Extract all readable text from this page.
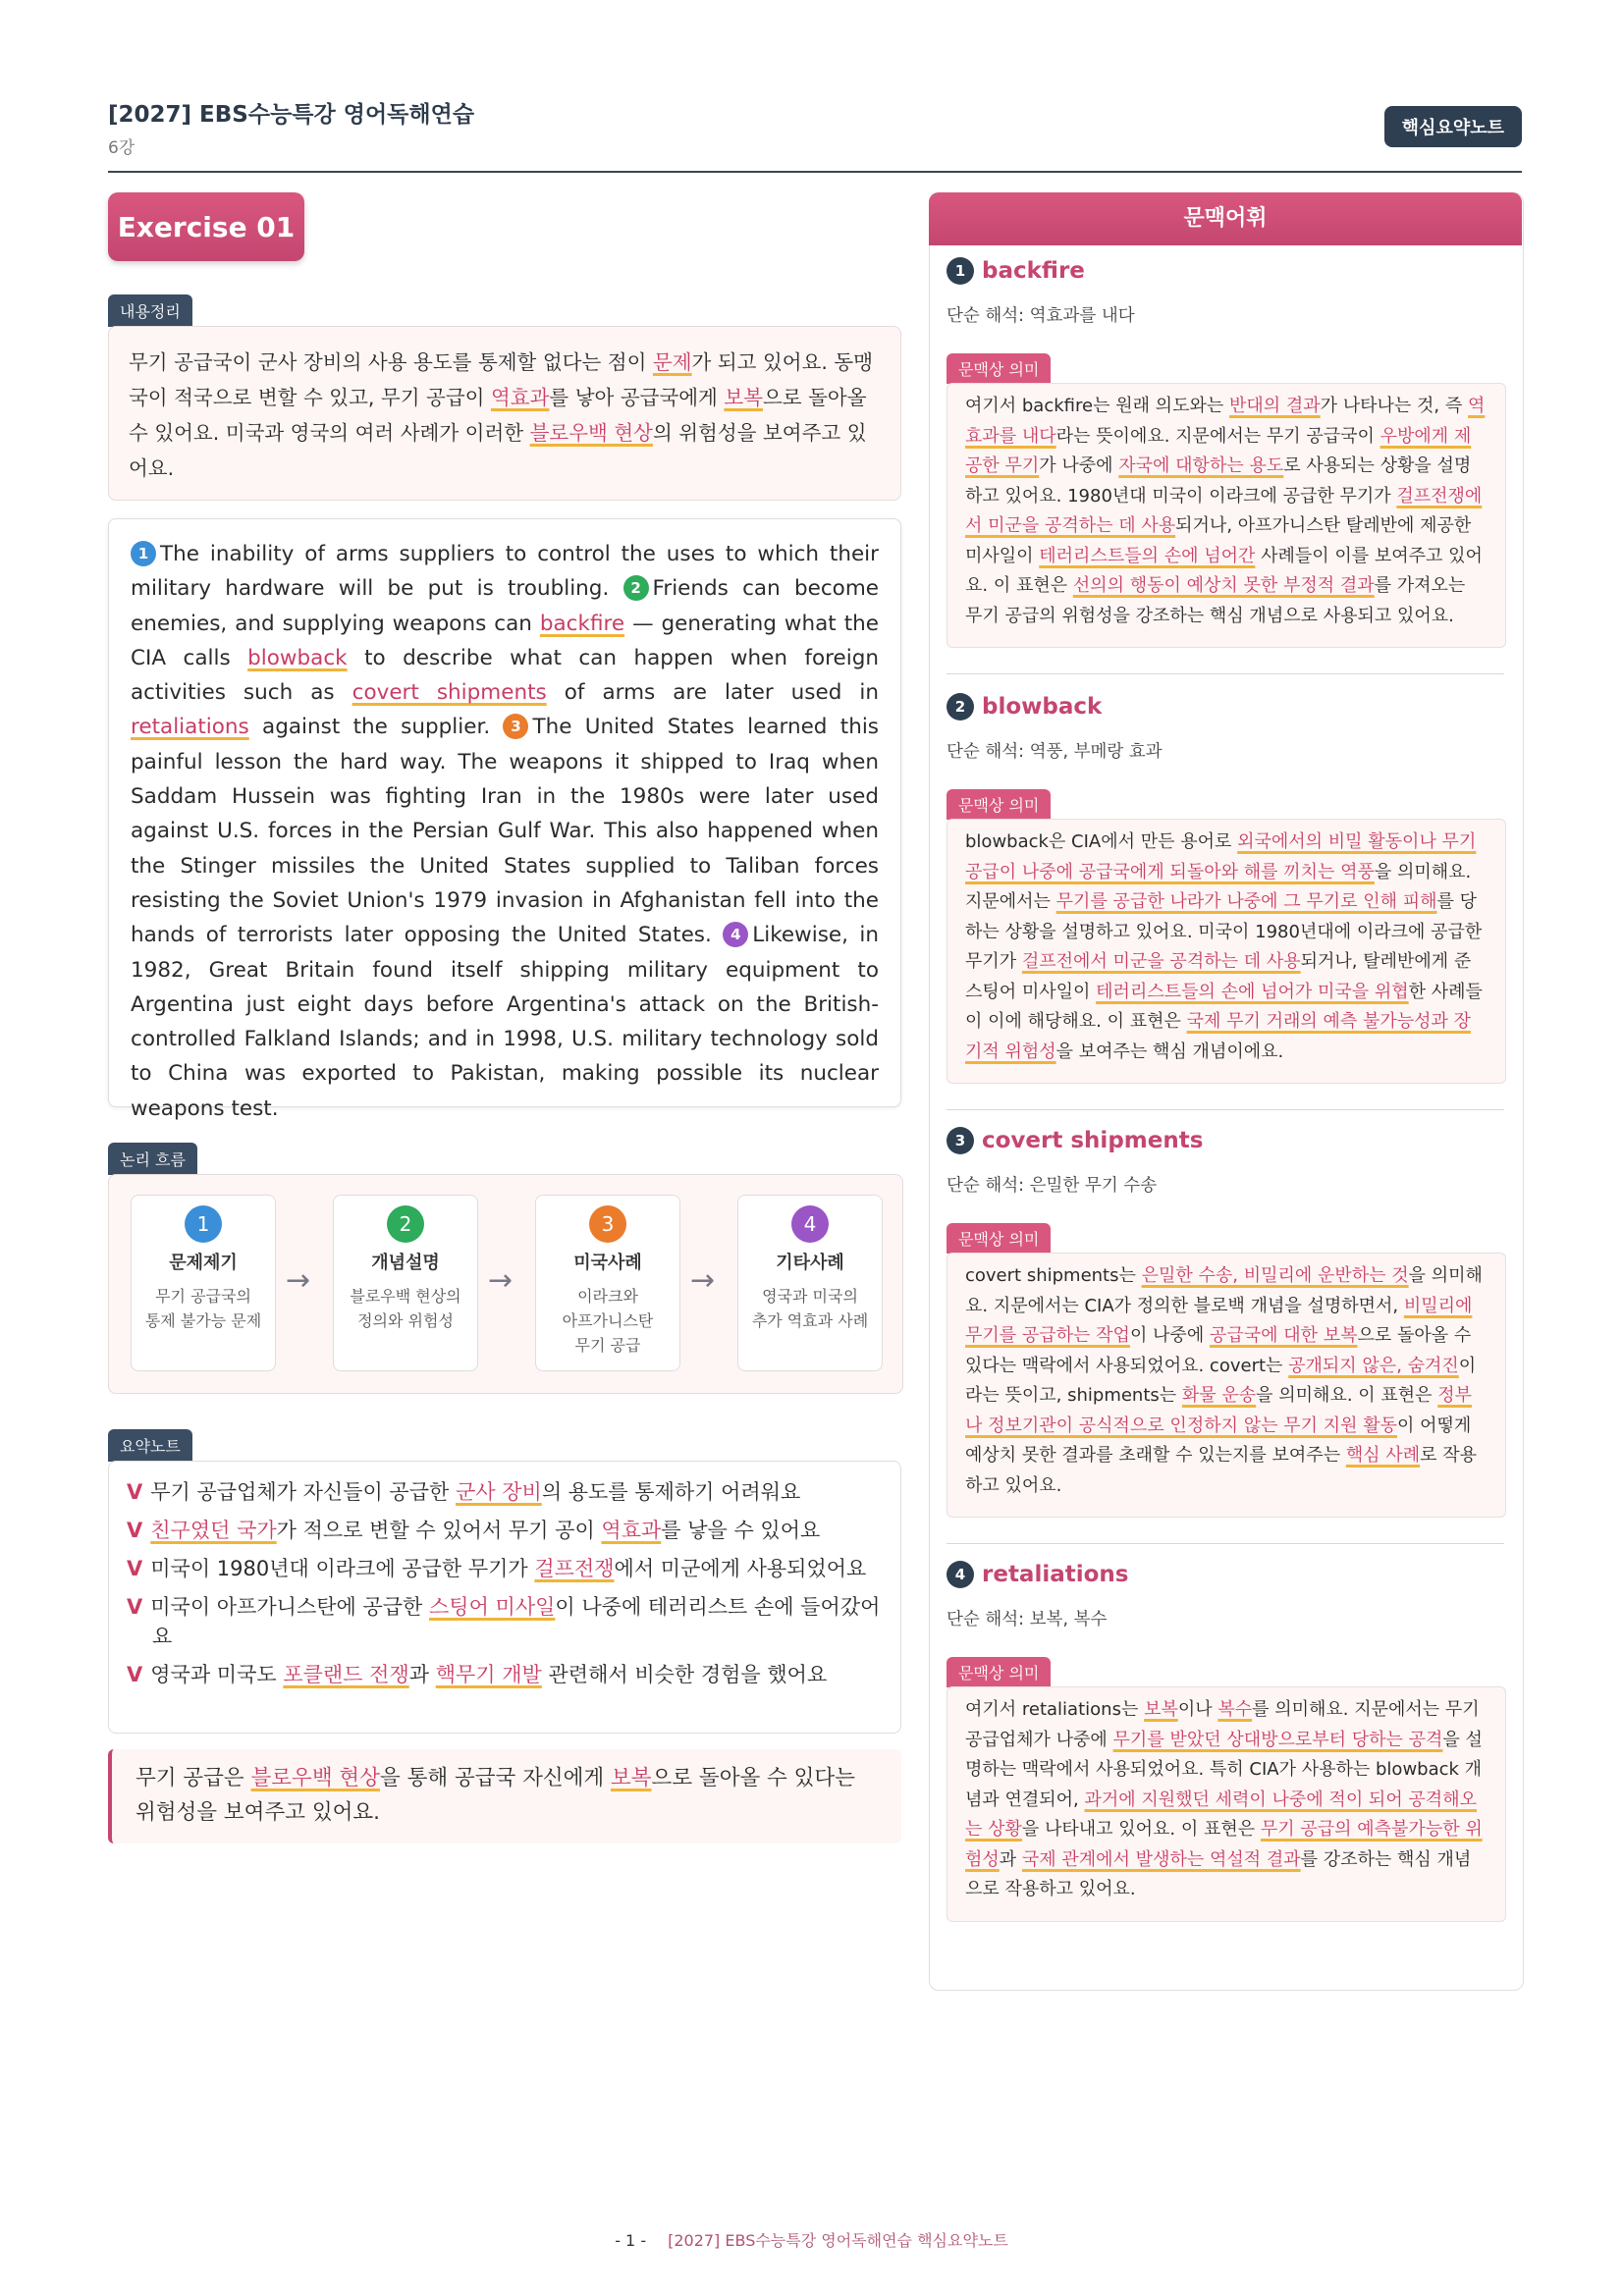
[2027] EBS수능특강 영어독해연습
6강
핵심요약노트
Exercise 01
내용정리
무기 공급국이 군사 장비의 사용 용도를 통제할 없다는 점이 문제가 되고 있어요. 동맹국이 적국으로 변할 수 있고, 무기 공급이 역효과를 낳아 공급국에게 보복으로 돌아올 수 있어요. 미국과 영국의 여러 사례가 이러한 블로우백 현상의 위험성을 보여주고 있어요.
1 The inability of arms suppliers to control the uses to which their military hardware will be put is troubling. 2 Friends can become enemies, and supplying weapons can backfire — generating what the CIA calls blowback to describe what can happen when foreign activities such as covert shipments of arms are later used in retaliations against the supplier. 3 The United States learned this painful lesson the hard way. The weapons it shipped to Iraq when Saddam Hussein was fighting Iran in the 1980s were later used against U.S. forces in the Persian Gulf War. This also happened when the Stinger missiles the United States supplied to Taliban forces resisting the Soviet Union's 1979 invasion in Afghanistan fell into the hands of terrorists later opposing the United States. 4 Likewise, in 1982, Great Britain found itself shipping military equipment to Argentina just eight days before Argentina's attack on the British-controlled Falkland Islands; and in 1998, U.S. military technology sold to China was exported to Pakistan, making possible its nuclear weapons test.
논리 흐름
1
문제제기
무기 공급국의
통제 불가능 문제
→
2
개념설명
블로우백 현상의
정의와 위험성
→
3
미국사례
이라크와
아프가니스탄
무기 공급
→
4
기타사례
영국과 미국의
추가 역효과 사례
요약노트
V 무기 공급업체가 자신들이 공급한 군사 장비의 용도를 통제하기 어려워요
V 친구였던 국가가 적으로 변할 수 있어서 무기 공이 역효과를 낳을 수 있어요
V 미국이 1980년대 이라크에 공급한 무기가 걸프전쟁에서 미군에게 사용되었어요
V 미국이 아프가니스탄에 공급한 스팅어 미사일이 나중에 테러리스트 손에 들어갔어요
V 영국과 미국도 포클랜드 전쟁과 핵무기 개발 관련해서 비슷한 경험을 했어요
무기 공급은 블로우백 현상을 통해 공급국 자신에게 보복으로 돌아올 수 있다는 위험성을 보여주고 있어요.
문맥어휘
1 backfire
단순 해석: 역효과를 내다
문맥상 의미
여기서 backfire는 원래 의도와는 반대의 결과가 나타나는 것, 즉 역효과를 내다라는 뜻이에요. 지문에서는 무기 공급국이 우방에게 제공한 무기가 나중에 자국에 대항하는 용도로 사용되는 상황을 설명하고 있어요. 1980년대 미국이 이라크에 공급한 무기가 걸프전쟁에서 미군을 공격하는 데 사용되거나, 아프가니스탄 탈레반에 제공한 미사일이 테러리스트들의 손에 넘어간 사례들이 이를 보여주고 있어요. 이 표현은 선의의 행동이 예상치 못한 부정적 결과를 가져오는 무기 공급의 위험성을 강조하는 핵심 개념으로 사용되고 있어요.
2 blowback
단순 해석: 역풍, 부메랑 효과
문맥상 의미
blowback은 CIA에서 만든 용어로 외국에서의 비밀 활동이나 무기 공급이 나중에 공급국에게 되돌아와 해를 끼치는 역풍을 의미해요. 지문에서는 무기를 공급한 나라가 나중에 그 무기로 인해 피해를 당하는 상황을 설명하고 있어요. 미국이 1980년대에 이라크에 공급한 무기가 걸프전에서 미군을 공격하는 데 사용되거나, 탈레반에게 준 스팅어 미사일이 테러리스트들의 손에 넘어가 미국을 위협한 사례들이 이에 해당해요. 이 표현은 국제 무기 거래의 예측 불가능성과 장기적 위험성을 보여주는 핵심 개념이에요.
3 covert shipments
단순 해석: 은밀한 무기 수송
문맥상 의미
covert shipments는 은밀한 수송, 비밀리에 운반하는 것을 의미해요. 지문에서는 CIA가 정의한 블로백 개념을 설명하면서, 비밀리에 무기를 공급하는 작업이 나중에 공급국에 대한 보복으로 돌아올 수 있다는 맥락에서 사용되었어요. covert는 공개되지 않은, 숨겨진이라는 뜻이고, shipments는 화물 운송을 의미해요. 이 표현은 정부나 정보기관이 공식적으로 인정하지 않는 무기 지원 활동이 어떻게 예상치 못한 결과를 초래할 수 있는지를 보여주는 핵심 사례로 작용하고 있어요.
4 retaliations
단순 해석: 보복, 복수
문맥상 의미
여기서 retaliations는 보복이나 복수를 의미해요. 지문에서는 무기공급업체가 나중에 무기를 받았던 상대방으로부터 당하는 공격을 설명하는 맥락에서 사용되었어요. 특히 CIA가 사용하는 blowback 개념과 연결되어, 과거에 지원했던 세력이 나중에 적이 되어 공격해오는 상황을 나타내고 있어요. 이 표현은 무기 공급의 예측불가능한 위험성과 국제 관계에서 발생하는 역설적 결과를 강조하는 핵심 개념으로 작용하고 있어요.
- 1 - [2027] EBS수능특강 영어독해연습 핵심요약노트
